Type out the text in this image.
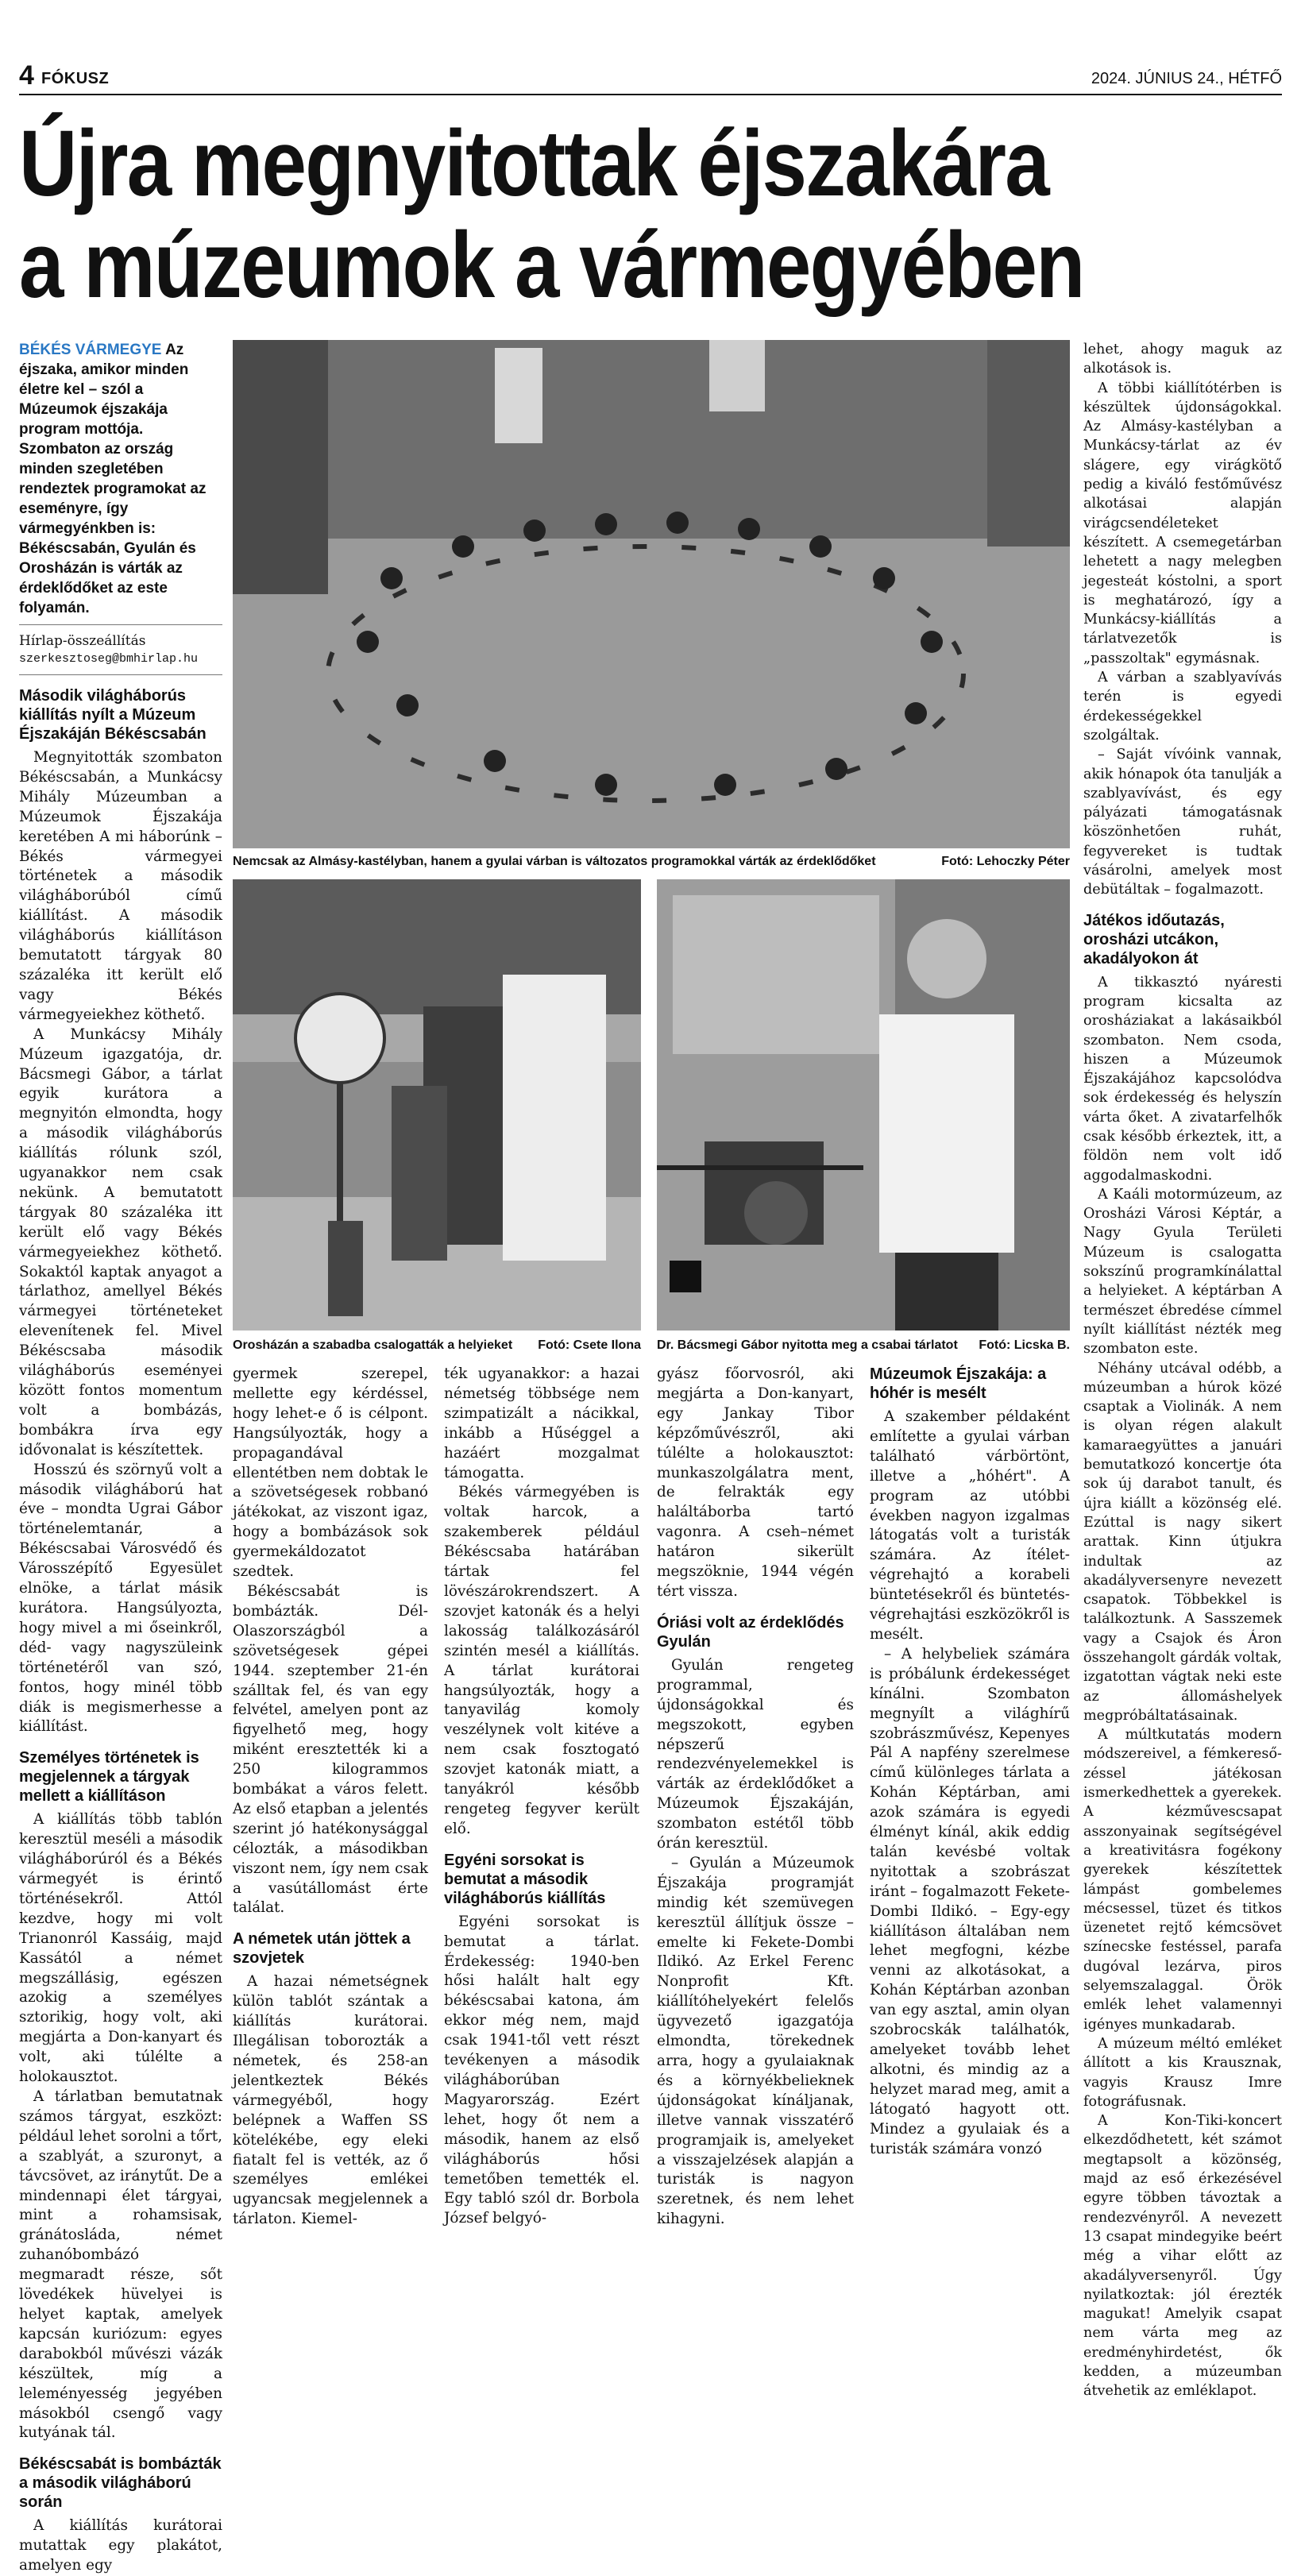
4 FÓKUSZ	2024. JÚNIUS 24., HÉTFŐ
Újra megnyitottak éjszakára
a múzeumok a vármegyében
BÉKÉS VÁRMEGYE Az éjszaka, amikor minden életre kel – szól a Múzeumok éjszakája program mottója. Szombaton az ország minden szegletében rendeztek programokat az eseményre, így vármegyénkben is: Békéscsabán, Gyulán és Orosházán is várták az érdeklődőket az este folyamán.
Hírlap-összeállítás
szerkesztoseg@bmhirlap.hu
Második világháborús kiállítás nyílt a Múzeum Éjszakáján Békéscsabán

Megnyitották szombaton Békéscsabán, a Munkácsy Mihály Múzeumban a Múzeumok Éjszakája keretében A mi háborúnk – Békés vármegyei történetek a második világháborúból című kiállítást. A második világháborús kiállításon bemutatott tárgyak 80 százaléka itt került elő vagy Békés vármegyeiekhez köthető.

A Munkácsy Mihály Múzeum igazgatója, dr. Bácsmegi Gábor, a tárlat egyik kurátora a megnyitón elmondta, hogy a második világháborús kiállítás rólunk szól, ugyanakkor nem csak nekünk. A bemutatott tárgyak 80 százaléka itt került elő vagy Békés vármegyeiekhez köthető. Sokaktól kaptak anyagot a tárlathoz, amellyel Békés vármegyei történeteket elevenítenek fel. Mivel Békéscsaba második világháborús eseményei között fontos momentum volt a bombázás, bombákra írva egy idővonalat is készítettek.

Hosszú és szörnyű volt a második világháború hat éve – mondta Ugrai Gábor történelemtanár, a Békéscsabai Városvédő és Városszépítő Egyesület elnöke, a tárlat másik kurátora. Hangsúlyozta, hogy mivel a mi őseinkről, déd- vagy nagyszüleink történetéről van szó, fontos, hogy minél több diák is megismerhesse a kiállítást.

Személyes történetek is megjelennek a tárgyak mellett a kiállításon

A kiállítás több tablón keresztül meséli a második világháborúról és a Békés vármegyét is érintő történésekről. Attól kezdve, hogy mi volt Trianonról Kassáig, majd Kassától a német megszállásig, egészen azokig a személyes sztorikig, hogy volt, aki megjárta a Don-kanyart és volt, aki túlélte a holokausztot.

A tárlatban bemutatnak számos tárgyat, eszközt: például lehet sorolni a tőrt, a szablyát, a szuronyt, a távcsövet, az iránytűt. De a mindennapi élet tárgyai, mint a rohamsisak, gránátosláda, német zuhanóbombázó megmaradt része, sőt lövedékek hüvelyei is helyet kaptak, amelyek kapcsán kuriózum: egyes darabokból művészi vázák készültek, míg a leleményesség jegyében másokból csengő vagy kutyának tál.

Békéscsabát is bombázták a második világháború során

A kiállítás kurátorai mutattak egy plakátot, amelyen egy

Fotó: Lehoczky Péter
Nemcsak az Almásy-kastélyban, hanem a gyulai várban is változatos programokkal várták az érdeklődőket
Fotó: Csete Ilona
Orosházán a szabadba csalogatták a helyieket	Fotó: Licska B.
Dr. Bácsmegi Gábor nyitotta meg a csabai tárlatot

gyermek szerepel, mellette egy kérdéssel, hogy lehet-e ő is célpont. Hangsúlyozták, hogy a propagandával ellentétben nem dobtak le a szövetségesek robbanó játékokat, az viszont igaz, hogy a bombázások sok gyermekáldozatot szedtek.

Békéscsabát is bombázták. Dél-Olaszországból a szövetségesek gépei 1944. szeptember 21-én szálltak fel, és van egy felvétel, amelyen pont az figyelhető meg, hogy miként eresztették ki a 250 kilogrammos bombákat a város felett. Az első etapban a jelentés szerint jó hatékonysággal célozták, a másodikban viszont nem, így nem csak a vasútállomást érte találat.

A németek után jöttek a szovjetek

A hazai németségnek külön tablót szántak a kiállítás kurátorai. Illegálisan toborozták a németek, és 258-an jelentkeztek Békés vármegyéből, hogy belépnek a Waffen SS kötelékébe, egy eleki fiatalt fel is vették, az ő személyes emlékei ugyancsak megjelennek a tárlaton. Kiemel-

ték ugyanakkor: a hazai németség többsége nem szimpatizált a nácikkal, inkább a Hűséggel a hazáért mozgalmat támogatta.

Békés vármegyében is voltak harcok, a szakemberek például Békéscsaba határában tártak fel lövészárokrendszert. A szovjet katonák és a helyi lakosság találkozásáról szintén mesél a kiállítás. A tárlat kurátorai hangsúlyozták, hogy a tanyavilág komoly veszélynek volt kitéve a nem csak fosztogató szovjet katonák miatt, a tanyákról később rengeteg fegyver került elő.

Egyéni sorsokat is bemutat a második világháborús kiállítás

Egyéni sorsokat is bemutat a tárlat. Érdekesség: 1940-ben hősi halált halt egy békéscsabai katona, ám ekkor még nem, majd csak 1941-től vett részt tevékenyen a második világháborúban Magyarország. Ezért lehet, hogy őt nem a második, hanem az első világháborús hősi temetőben temették el. Egy tabló szól dr. Borbola József belgyó-

gyász főorvosról, aki megjárta a Don-kanyart, egy Jankay Tibor képzőművészről, aki túlélte a holokausztot: munkaszolgálatra ment, de felrakták egy haláltáborba tartó vagonra. A cseh–német határon sikerült megszöknie, 1944 végén tért vissza.

Óriási volt az érdeklődés Gyulán

Gyulán rengeteg programmal, újdonságokkal és megszokott, egyben népszerű rendezvényelemekkel is várták az érdeklődőket a Múzeumok Éjszakáján, szombaton estétől több órán keresztül.

– Gyulán a Múzeumok Éjszakája programját mindig két szemüvegen keresztül állítjuk össze – emelte ki Fekete-Dombi Ildikó. Az Erkel Ferenc Nonprofit Kft. kiállítóhelyekért felelős ügyvezető igazgatója elmondta, törekednek arra, hogy a gyulaiaknak és a környékbelieknek újdonságokat kínáljanak, illetve vannak visszatérő programjaik is, amelyeket a visszajelzések alapján a turisták is nagyon szeretnek, és nem lehet kihagyni.

Múzeumok Éjszakája: a hóhér is mesélt

A szakember példaként említette a gyulai várban található várbörtönt, illetve a „hóhért". A program az utóbbi években nagyon izgalmas látogatás volt a turisták számára. Az ítélet-végrehajtó a korabeli büntetésekről és büntetés-végrehajtási eszközökről is mesélt.

– A helybeliek számára is próbálunk érdekességet kínálni. Szombaton megnyílt a világhírű szobrászművész, Kepenyes Pál A napfény szerelmese című különleges tárlata a Kohán Képtárban, ami azok számára is egyedi élményt kínál, akik eddig talán kevésbé voltak nyitottak a szobrászat iránt – fogalmazott Fekete-Dombi Ildikó. – Egy-egy kiállításon általában nem lehet megfogni, kézbe venni az alkotásokat, a Kohán Képtárban azonban van egy asztal, amin olyan szobrocskák találhatók, amelyeket tovább lehet alkotni, és mindig az a helyzet marad meg, amit a látogató hagyott ott. Mindez a gyulaiak és a turisták számára vonzó

lehet, ahogy maguk az alkotások is.

A többi kiállítótérben is készültek újdonságokkal. Az Almásy-kastélyban a Munkácsy-tárlat az év slágere, egy virágkötő pedig a kiváló festőművész alkotásai alapján virágcsendéleteket készített. A csemegetárban lehetett a nagy melegben jegesteát kóstolni, a sport is meghatározó, így a Munkácsy-kiállítás a tárlatvezetők is „passzoltak" egymásnak.

A várban a szablyavívás terén is egyedi érdekességekkel szolgáltak.

– Saját vívóink vannak, akik hónapok óta tanulják a szablyavívást, és egy pályázati támogatásnak köszönhetően ruhát, fegyvereket is tudtak vásárolni, amelyek most debütáltak – fogalmazott.

Játékos időutazás, orosházi utcákon, akadályokon át

A tikkasztó nyáresti program kicsalta az orosháziakat a lakásaikból szombaton. Nem csoda, hiszen a Múzeumok Éjszakájához kapcsolódva sok érdekesség és helyszín várta őket. A zivatarfelhők csak később érkeztek, itt, a földön nem volt idő aggodalmaskodni.

A Kaáli motormúzeum, az Orosházi Városi Képtár, a Nagy Gyula Területi Múzeum is csalogatta sokszínű programkínálattal a helyieket. A képtárban A természet ébredése címmel nyílt kiállítást nézték meg szombaton este.

Néhány utcával odébb, a múzeumban a húrok közé csaptak a Violinák. A nem is olyan régen alakult kamaraegyüttes a januári bemutatkozó koncertje óta sok új darabot tanult, és újra kiállt a közönség elé. Ezúttal is nagy sikert arattak. Kinn útjukra indultak az akadályversenyre nevezett csapatok. Többekkel is találkoztunk. A Sasszemek vagy a Csajok és Áron összehangolt gárdák voltak, izgatottan vágtak neki este az állomáshelyek megpróbáltatásainak.

A múltkutatás modern módszereivel, a fémkeresőzéssel játékosan ismerkedhettek a gyerekek. A kézművescsapat asszonyainak segítségével a kreativitásra fogékony gyerekek készítettek lámpást gombelemes mécsessel, tüzet és titkos üzenetet rejtő kémcsövet színecske festéssel, parafa dugóval lezárva, piros selyemszalaggal. Örök emlék lehet valamennyi igényes munkadarab.

A múzeum méltó emléket állított a kis Krausznak, vagyis Krausz Imre fotográfusnak.

A Kon-Tiki-koncert elkezdődhetett, két számot megtapsolt a közönség, majd az eső érkezésével egyre többen távoztak a rendezvényről. A nevezett 13 csapat mindegyike beért még a vihar előtt az akadályversenyről. Úgy nyilatkoztak: jól érezték magukat! Amelyik csapat nem vártа meg az eredményhirdetést, ők kedden, a múzeumban átvehetik az emléklapot.
